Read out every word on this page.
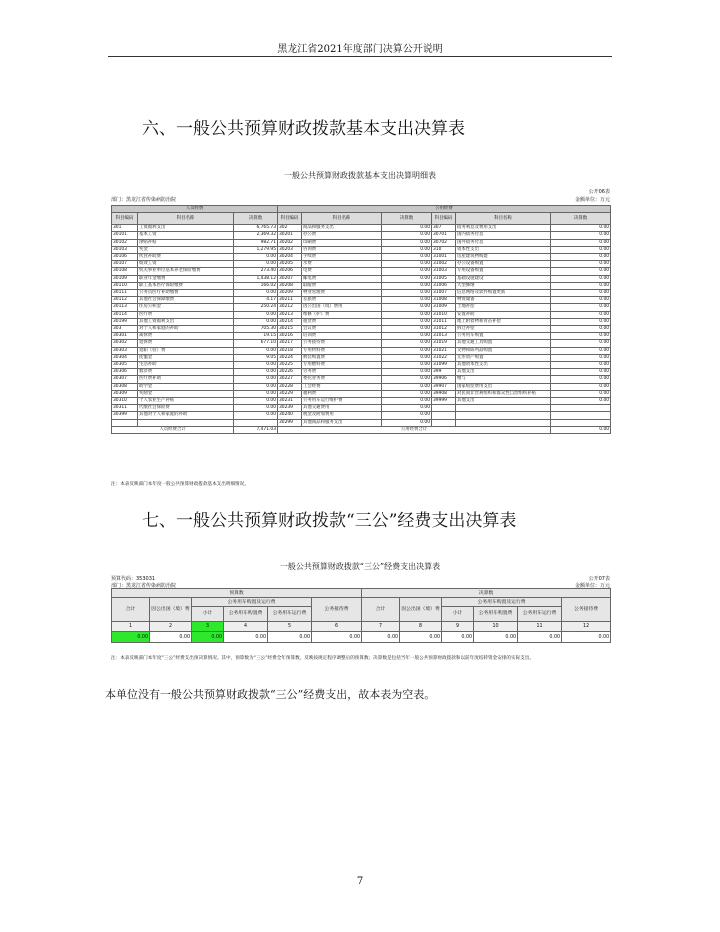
黑龙江省2021年度部门决算公开说明
六、一般公共预算财政拨款基本支出决算表
一般公共预算财政拨款基本支出决算明细表
公开06表
部门：黑龙江省传染病防治院	金额单位：万元
人员经费			公用经费					
科目编码	科目名称	决算数	科目编码	科目名称	决算数	科目编码	科目名称	决算数
301	工资福利支出	6,765.73	302	商品和服务支出	0.00	307	债务利息及费用支出	0.00
30101	基本工资	2,369.32	30201	办公费	0.00	30701	国内债务付息	0.00
30102	津贴补贴	982.71	30202	印刷费	0.00	30702	国外债务付息	0.00
30103	奖金	1,279.95	30203	咨询费	0.00	310	资本性支出	0.00
30106	伙食补助费	0.00	30204	手续费	0.00	31001	房屋建筑物购建	0.00
30107	绩效工资	0.00	30205	水费	0.00	31002	办公设备购置	0.00
30108	机关事业单位基本养老保险缴费	273.40	30206	电费	0.00	31003	专用设备购置	0.00
30109	职业年金缴费	1,438.12	30207	邮电费	0.00	31005	基础设施建设	0.00
30110	职工基本医疗保险缴费	166.02	30208	取暖费	0.00	31006	大型修缮	0.00
30111	公务员医疗补助缴费	0.00	30209	物业管理费	0.00	31007	信息网络及软件购置更新	0.00
30112	其他社会保障缴费	4.17	30211	差旅费	0.00	31008	物资储备	0.00
30113	住房公积金	250.24	30212	因公出国（境）费用	0.00	31009	土地补偿	0.00
30114	医疗费	0.00	30213	维修（护）费	0.00	31010	安置补助	0.00
30199	其他工资福利支出	0.00	30214	租赁费	0.00	31011	地上附着物和青苗补偿	0.00
303	对个人和家庭的补助	705.30	30215	会议费	0.00	31012	拆迁补偿	0.00
30301	离休费	19.15	30216	培训费	0.00	31013	公务用车购置	0.00
30302	退休费	677.10	30217	公务接待费	0.00	31019	其他交通工具购置	0.00
30303	退职（役）费	0.00	30218	专用材料费	0.00	31021	文物和陈列品购置	0.00
30304	抚恤金	9.05	30224	被装购置费	0.00	31022	无形资产购置	0.00
30305	生活补助	0.00	30225	专用燃料费	0.00	31099	其他资本性支出	0.00
30306	救济费	0.00	30226	劳务费	0.00	399	其他支出	0.00
30307	医疗费补助	0.00	30227	委托业务费	0.00	39906	赠与	0.00
30308	助学金	0.00	30228	工会经费	0.00	39907	国家赔偿费用支出	0.00
30309	奖励金	0.00	30229	福利费	0.00	39908	对民间非营利组织和群众性自治组织补贴	0.00
30310	个人农业生产补贴	0.00	30231	公务用车运行维护费	0.00	39999	其他支出	0.00
30311	代缴社会保险费	0.00	30239	其他交通费用	0.00			
30399	其他对个人和家庭的补助	0.00	30240	税金及附加费用	0.00			
			30299	其他商品和服务支出	0.00			
人员经费合计		7,471.03	公用经费合计					0.00
注：本表反映部门本年度一般公共预算财政拨款基本支出明细情况。
七、一般公共预算财政拨款“三公”经费支出决算表
一般公共预算财政拨款“三公”经费支出决算表
预算代码：353031	公开07表
部门：黑龙江省传染病防治院	金额单位：万元
预算数						决算数					
合计	因公出国（境）费	公务用车购置及运行费			公务接待费	合计	因公出国（境）费	公务用车购置及运行费			公务接待费
		小计	公务用车购置费	公务用车运行费				小计	公务用车购置费	公务用车运行费	
1	2	3	4	5	6	7	8	9	10	11	12
0.00	0.00	0.00	0.00	0.00	0.00	0.00	0.00	0.00	0.00	0.00	0.00
注：本表反映部门本年度“三公”经费支出预决算情况。其中，预算数为“三公”经费全年预算数，反映按规定程序调整后的预算数；决算数是包括当年一般公共预算财政拨款和以前年度结转资金安排的实际支出。
本单位没有一般公共预算财政拨款“三公”经费支出，故本表为空表。
7
